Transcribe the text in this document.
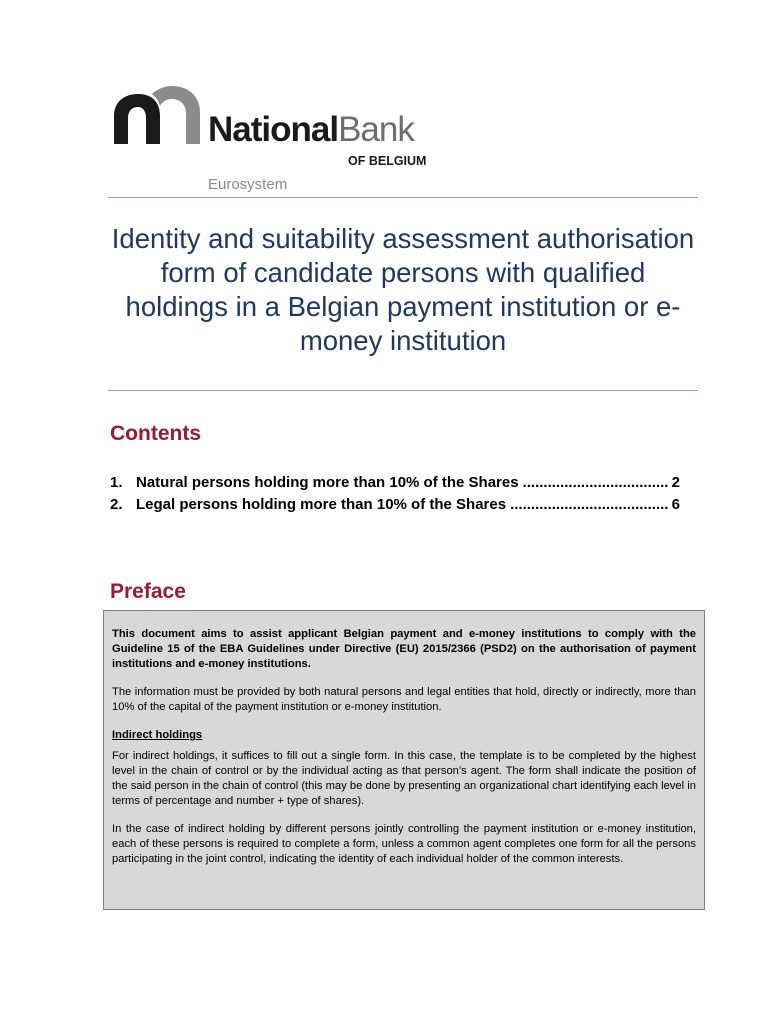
NationalBank
OF BELGIUM
Eurosystem
Identity and suitability assessment authorisation form of candidate persons with qualified holdings in a Belgian payment institution or e-money institution
Contents
1. Natural persons holding more than 10% of the Shares .....	2
2. Legal persons holding more than 10% of the Shares .....	6
Preface

This document aims to assist applicant Belgian payment and e-money institutions to comply with the Guideline 15 of the EBA Guidelines under Directive (EU) 2015/2366 (PSD2) on the authorisation of payment institutions and e-money institutions.

The information must be provided by both natural persons and legal entities that hold, directly or indirectly, more than 10% of the capital of the payment institution or e-money institution.

Indirect holdings

For indirect holdings, it suffices to fill out a single form. In this case, the template is to be completed by the highest level in the chain of control or by the individual acting as that person’s agent. The form shall indicate the position of the said person in the chain of control (this may be done by presenting an organizational chart identifying each level in terms of percentage and number + type of shares).

In the case of indirect holding by different persons jointly controlling the payment institution or e-money institution, each of these persons is required to complete a form, unless a common agent completes one form for all the persons participating in the joint control, indicating the identity of each individual holder of the common interests.
